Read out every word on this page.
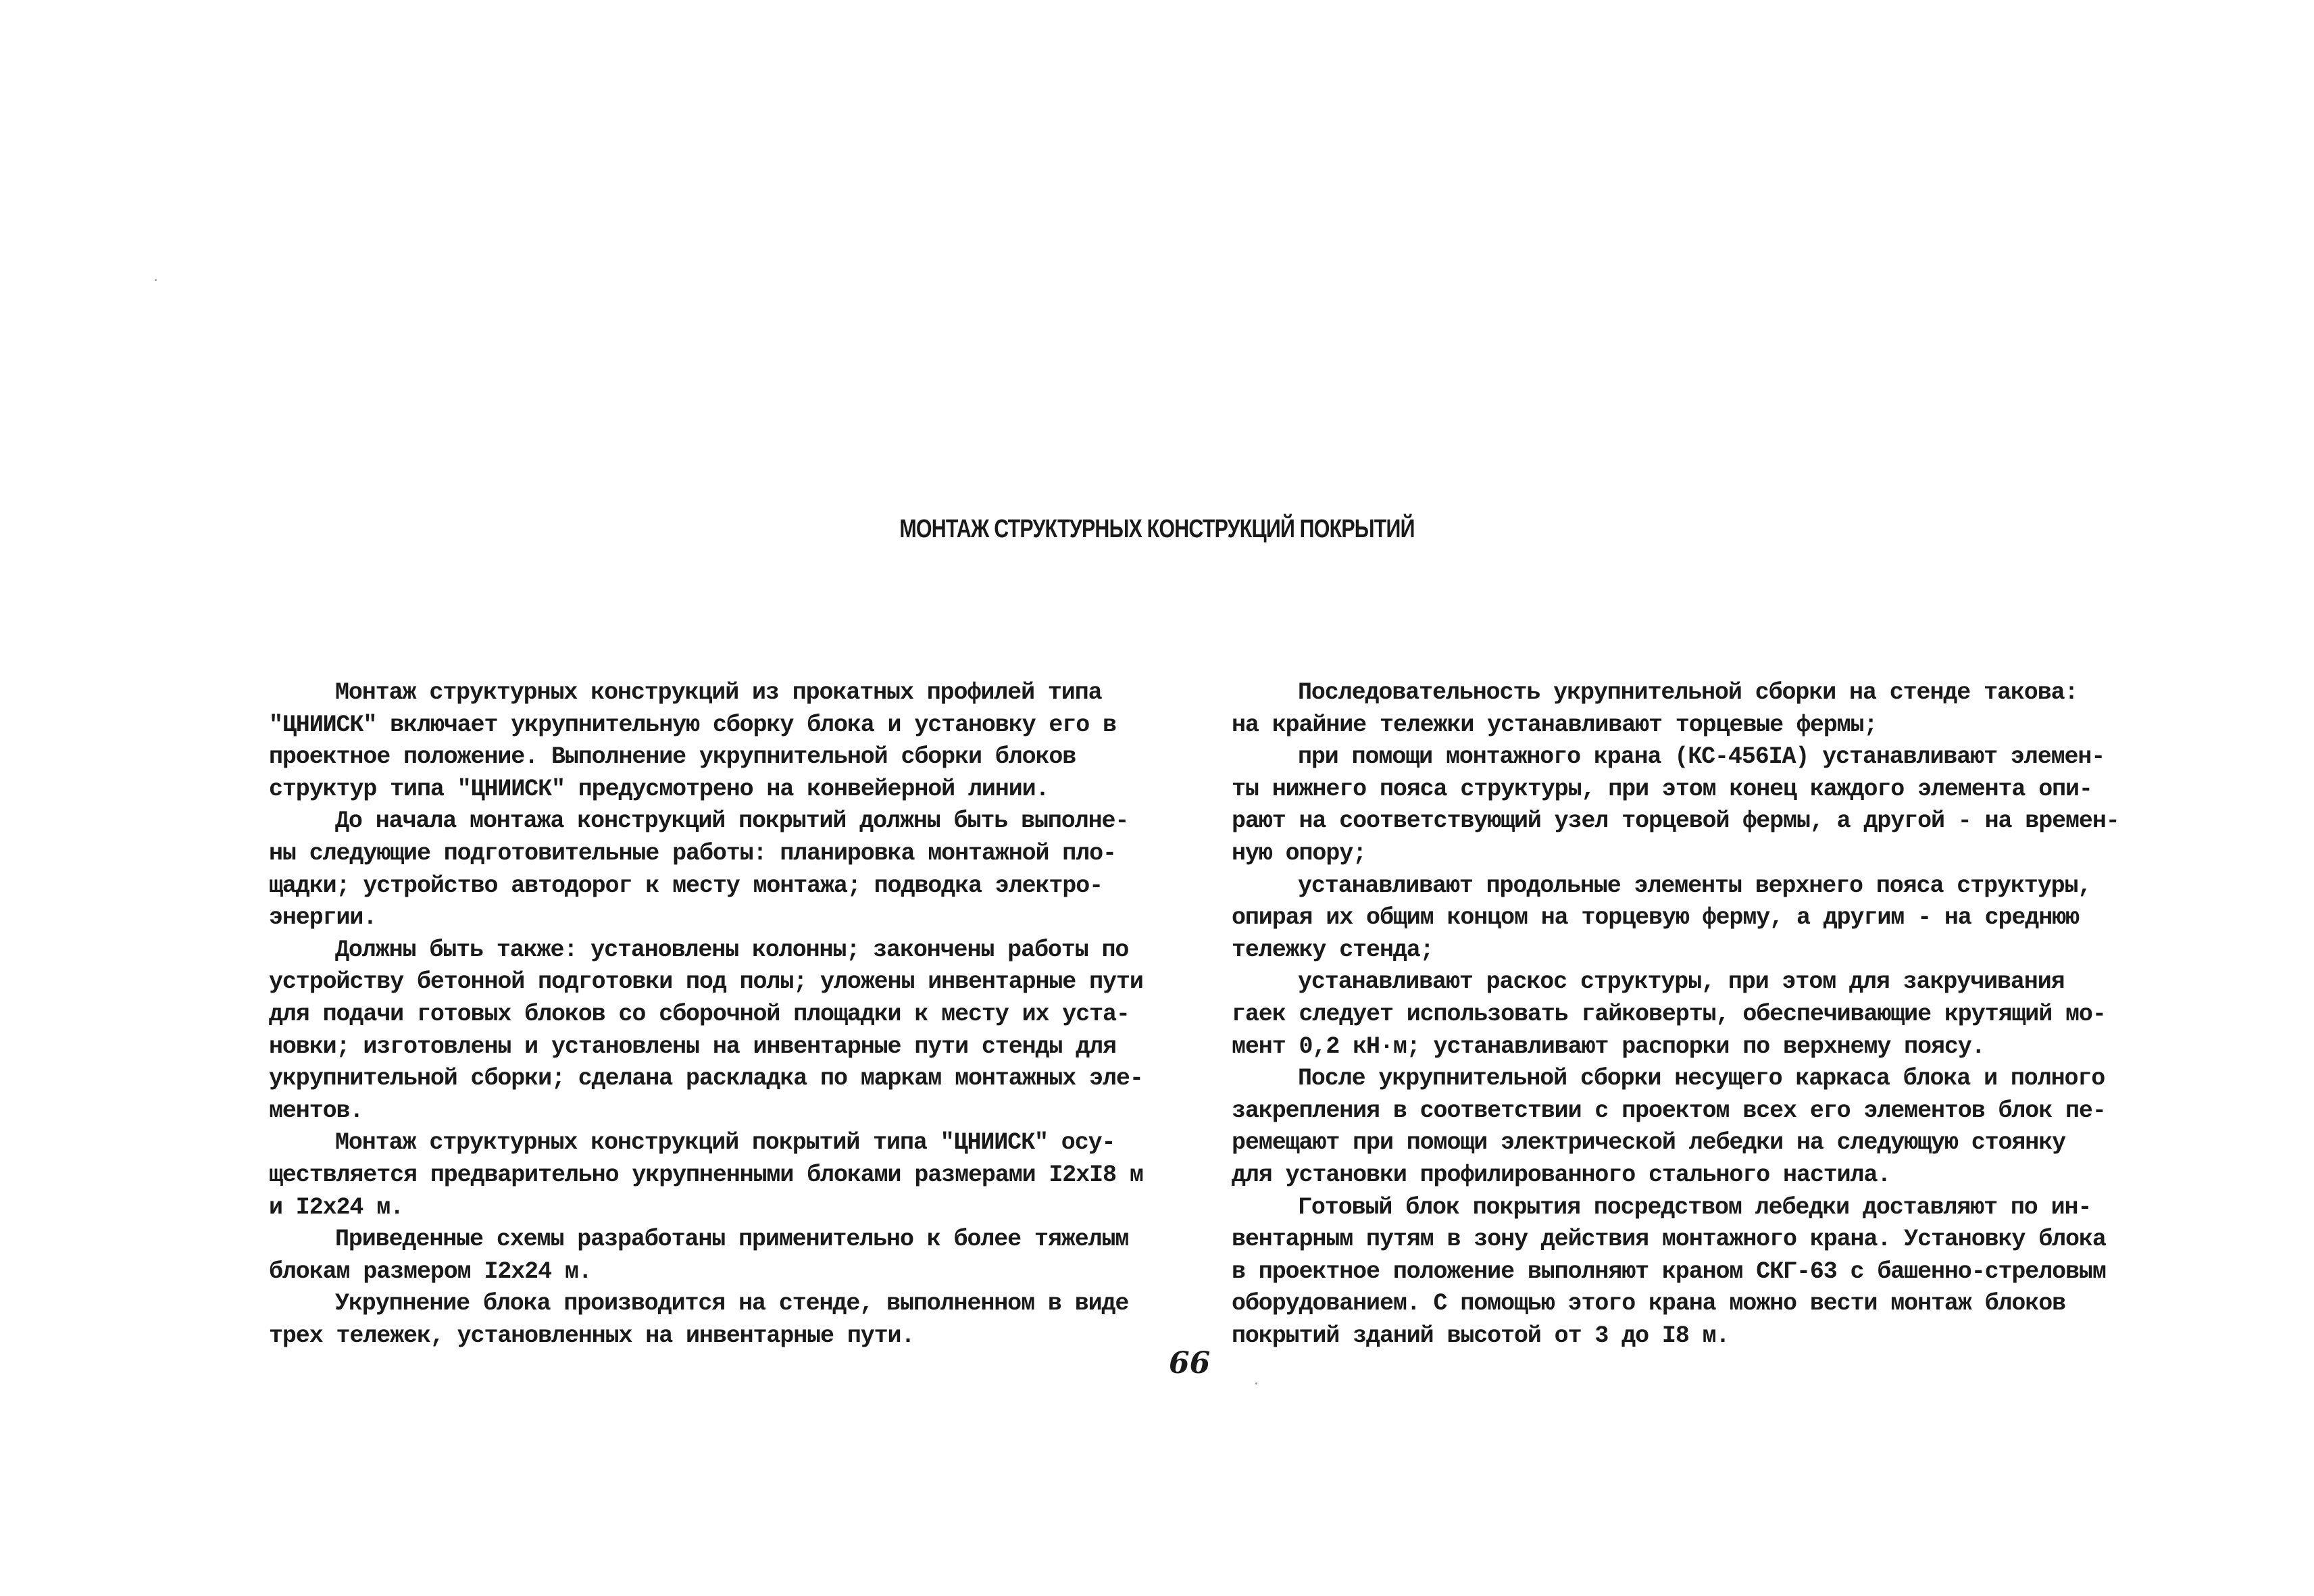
МОНТАЖ СТРУКТУРНЫХ КОНСТРУКЦИЙ ПОКРЫТИЙ
Монтаж структурных конструкций из прокатных профилей типа
"ЦНИИСК" включает укрупнительную сборку блока и установку его в
проектное положение. Выполнение укрупнительной сборки блоков
структур типа "ЦНИИСК" предусмотрено на конвейерной линии.
До начала монтажа конструкций покрытий должны быть выполне-
ны следующие подготовительные работы: планировка монтажной пло-
щадки; устройство автодорог к месту монтажа; подводка электро-
энергии.
Должны быть также: установлены колонны; закончены работы по
устройству бетонной подготовки под полы; уложены инвентарные пути
для подачи готовых блоков со сборочной площадки к месту их уста-
новки; изготовлены и установлены на инвентарные пути стенды для
укрупнительной сборки; сделана раскладка по маркам монтажных эле-
ментов.
Монтаж структурных конструкций покрытий типа "ЦНИИСК" осу-
ществляется предварительно укрупненными блоками размерами I2xI8 м
и I2x24 м.
Приведенные схемы разработаны применительно к более тяжелым
блокам размером I2x24 м.
Укрупнение блока производится на стенде, выполненном в виде
трех тележек, установленных на инвентарные пути.
Последовательность укрупнительной сборки на стенде такова:
на крайние тележки устанавливают торцевые фермы;
при помощи монтажного крана (КС-456IА) устанавливают элемен-
ты нижнего пояса структуры, при этом конец каждого элемента опи-
рают на соответствующий узел торцевой фермы, а другой - на времен-
ную опору;
устанавливают продольные элементы верхнего пояса структуры,
опирая их общим концом на торцевую ферму, а другим - на среднюю
тележку стенда;
устанавливают раскос структуры, при этом для закручивания
гаек следует использовать гайковерты, обеспечивающие крутящий мо-
мент 0,2 кН·м; устанавливают распорки по верхнему поясу.
После укрупнительной сборки несущего каркаса блока и полного
закрепления в соответствии с проектом всех его элементов блок пе-
ремещают при помощи электрической лебедки на следующую стоянку
для установки профилированного стального настила.
Готовый блок покрытия посредством лебедки доставляют по ин-
вентарным путям в зону действия монтажного крана. Установку блока
в проектное положение выполняют краном СКГ-63 с башенно-стреловым
оборудованием. С помощью этого крана можно вести монтаж блоков
покрытий зданий высотой от 3 до I8 м.
66
